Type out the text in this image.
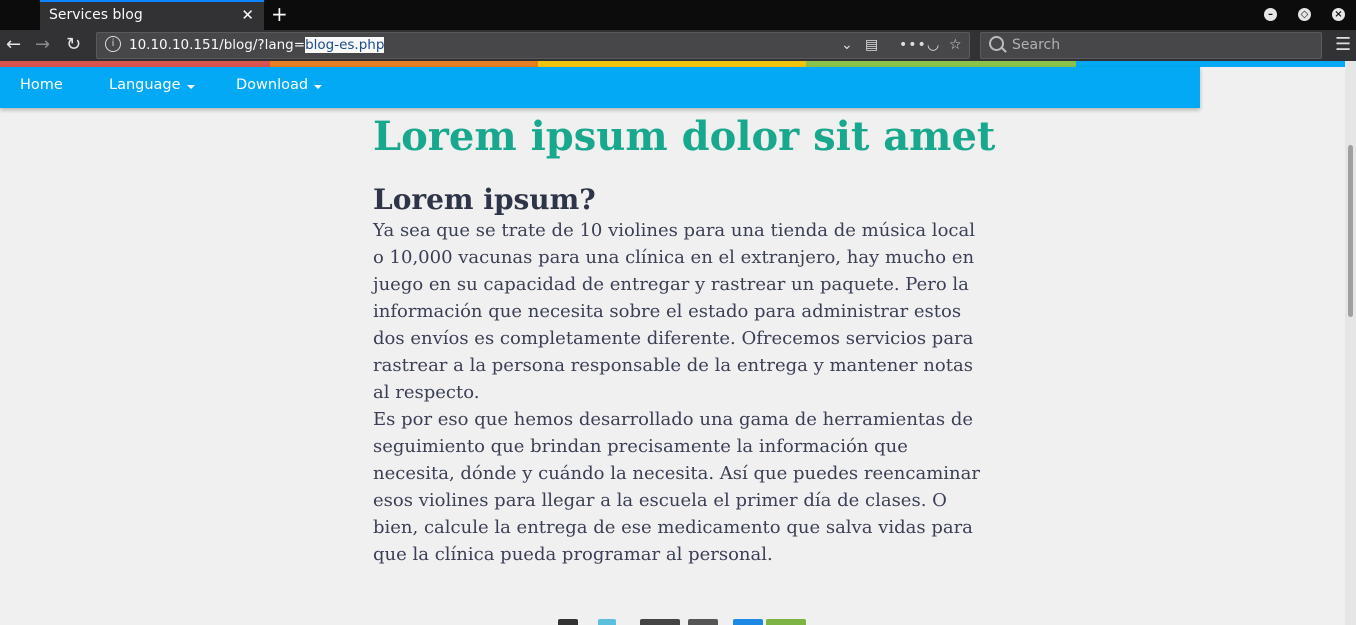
Services blog	✕ +	–	◇	×
← → ↻	i	10.10.10.151/blog/?lang=blog-es.php	⌄ ▤ ••• ◡ ☆	Search	☰
Home	Language	Download
Lorem ipsum dolor sit amet
Lorem ipsum?

Ya sea que se trate de 10 violines para una tienda de música local o 10,000 vacunas para una clínica en el extranjero, hay mucho en juego en su capacidad de entregar y rastrear un paquete. Pero la información que necesita sobre el estado para administrar estos dos envíos es completamente diferente. Ofrecemos servicios para rastrear a la persona responsable de la entrega y mantener notas al respecto.

Es por eso que hemos desarrollado una gama de herramientas de seguimiento que brindan precisamente la información que necesita, dónde y cuándo la necesita. Así que puedes reencaminar esos violines para llegar a la escuela el primer día de clases. O bien, calcule la entrega de ese medicamento que salva vidas para que la clínica pueda programar al personal.
